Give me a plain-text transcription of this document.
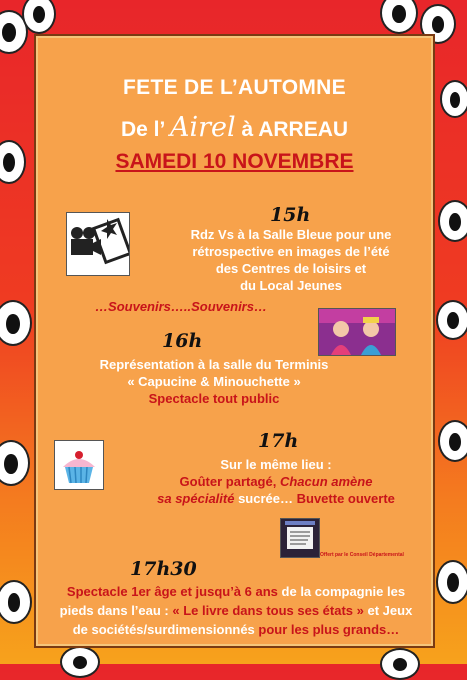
FETE DE L’AUTOMNE
De l’ Airel à ARREAU
SAMEDI 10 NOVEMBRE
15h
Rdz Vs à la Salle Bleue pour une
rétrospective en images de l’été
des Centres de loisirs et
du Local Jeunes
…Souvenirs…..Souvenirs…
16h
Représentation à la salle du Terminis
« Capucine & Minouchette »
Spectacle tout public
17h
Sur le même lieu :
Goûter partagé, Chacun amène
sa spécialité sucrée… Buvette ouverte
Offert par le Conseil Départemental
17h30
Spectacle 1er âge et jusqu’à 6 ans de la compagnie les
pieds dans l’eau : « Le livre dans tous ses états » et Jeux
de sociétés/surdimensionnés pour les plus grands…
